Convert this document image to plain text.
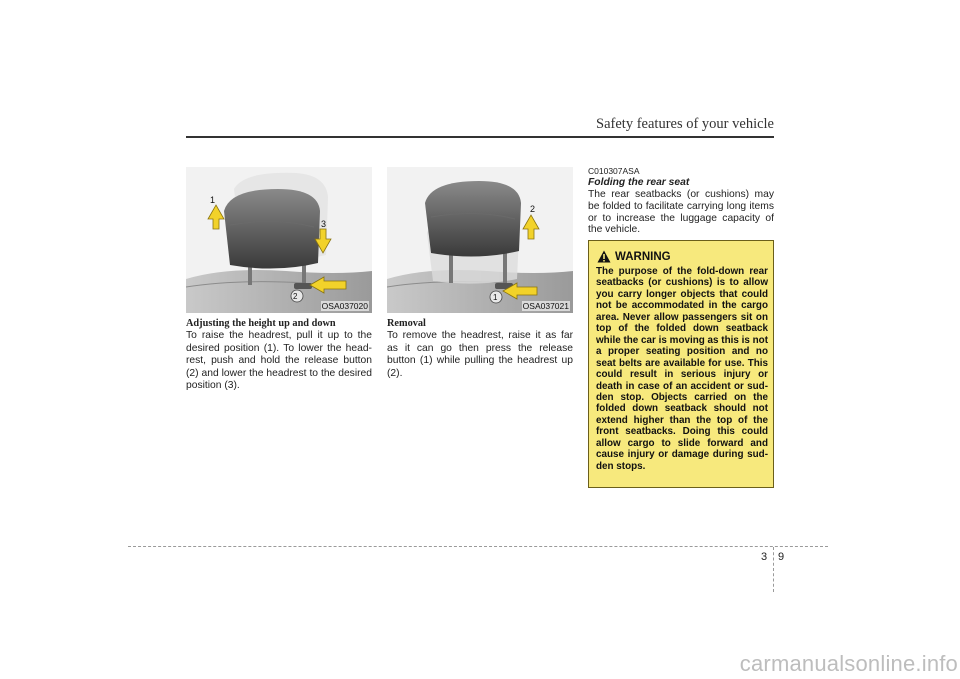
Safety features of your vehicle
1
2
3
OSA037020
1
2
OSA037021
Adjusting the height up and down
To raise the headrest, pull it up to the desired position (1). To lower the head-rest, push and hold the release button (2) and lower the headrest to the desired position (3).
Removal
To remove the headrest, raise it as far as it can go then press the release button (1) while pulling the headrest up (2).
C010307ASA
Folding the rear seat
The rear seatbacks (or cushions) may be folded to facilitate carrying long items or to increase the luggage capacity of the vehicle.
WARNING
The purpose of the fold-down rear seatbacks (or cushions) is to allow you carry longer objects that could not be accommodated in the cargo area. Never allow passengers sit on top of the folded down seatback while the car is moving as this is not a proper seating position and no seat belts are available for use. This could result in serious injury or death in case of an accident or sud-den stop. Objects carried on the folded down seatback should not extend higher than the top of the front seatbacks. Doing this could allow cargo to slide forward and cause injury or damage during sud-den stops.
3 9
carmanualsonline.info
